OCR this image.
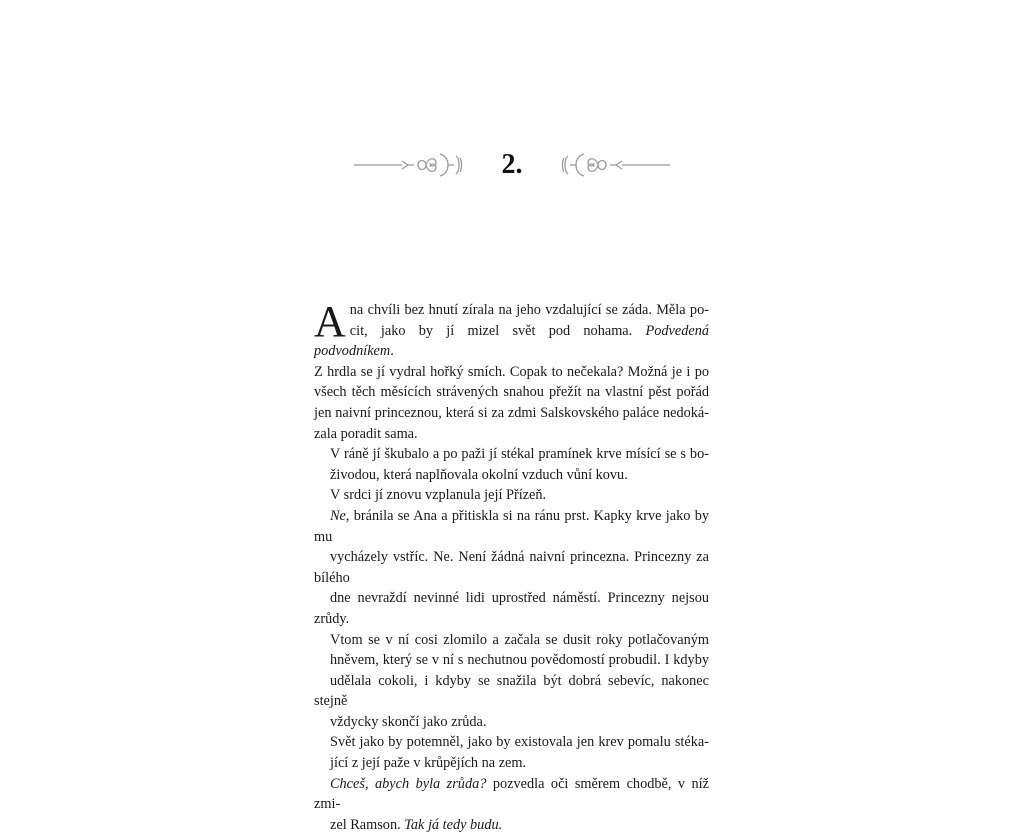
2.

A na chvíli bez hnutí zírala na jeho vzdalující se záda. Měla po-
cit, jako by jí mizel svět pod nohama. Podvedená podvodníkem.
Z hrdla se jí vydral hořký smích. Copak to nečekala? Možná je i po
všech těch měsících strávených snahou přežít na vlastní pěst pořád
jen naivní princeznou, která si za zdmi Salskovského paláce nedoká-
zala poradit sama.

V ráně jí škubalo a po paži jí stékal pramínek krve mísící se s bo-
živodou, která naplňovala okolní vzduch vůní kovu.

V srdci jí znovu vzplanula její Přízeň.

Ne, bránila se Ana a přitiskla si na ránu prst. Kapky krve jako by mu
vycházely vstříc. Ne. Není žádná naivní princezna. Princezny za bílého
dne nevraždí nevinné lidi uprostřed náměstí. Princezny nejsou zrůdy.

Vtom se v ní cosi zlomilo a začala se dusit roky potlačovaným
hněvem, který se v ní s nechutnou povědomostí probudil. I kdyby
udělala cokoli, i kdyby se snažila být dobrá sebevíc, nakonec stejně
vždycky skončí jako zrůda.

Svět jako by potemněl, jako by existovala jen krev pomalu stéka-
jící z její paže v krůpějích na zem.

Chceš, abych byla zrůda? pozvedla oči směrem chodbě, v níž zmi-
zel Ramson. Tak já tedy budu.
